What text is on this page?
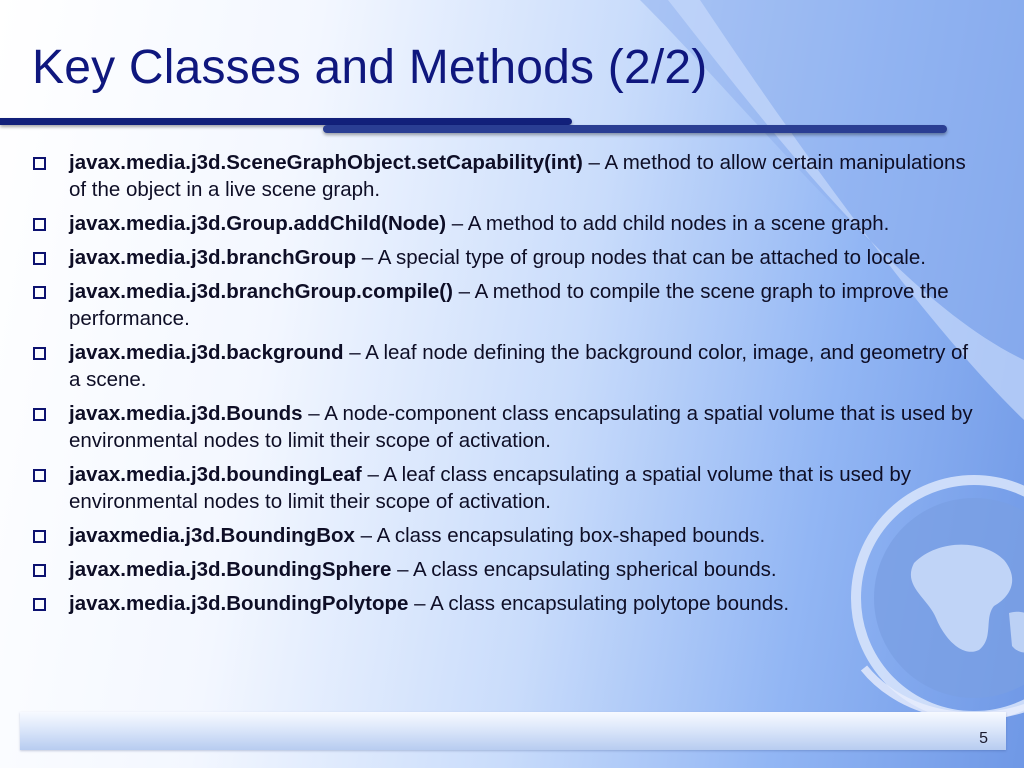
Key Classes and Methods (2/2)
javax.media.j3d.SceneGraphObject.setCapability(int) – A method to allow certain manipulations of the object in a live scene graph.
javax.media.j3d.Group.addChild(Node) – A method to add child nodes in a scene graph.
javax.media.j3d.branchGroup – A special type of group nodes that can be attached to locale.
javax.media.j3d.branchGroup.compile() – A method to compile the scene graph to improve the performance.
javax.media.j3d.background – A leaf node defining the background color, image, and geometry of a scene.
javax.media.j3d.Bounds – A node-component class encapsulating a spatial volume that is used by environmental nodes to limit their scope of activation.
javax.media.j3d.boundingLeaf – A leaf class encapsulating a spatial volume that is used by environmental nodes to limit their scope of activation.
javaxmedia.j3d.BoundingBox – A class encapsulating box-shaped bounds.
javax.media.j3d.BoundingSphere – A class encapsulating spherical bounds.
javax.media.j3d.BoundingPolytope – A class encapsulating polytope bounds.
5
